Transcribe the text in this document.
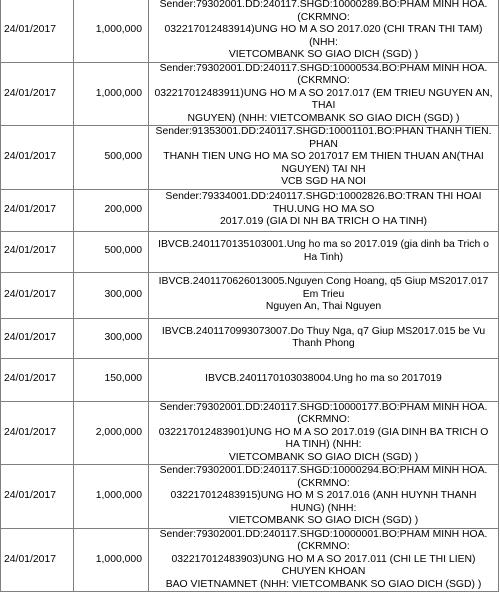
24/01/2017	1,000,000	Sender:79302001.DD:240117.SHGD:10000289.BO:PHAM MINH HOA.(CKRMNO:
032217012483914)UNG HO M A SO 2017.020 (CHI TRAN THI TAM) (NHH:
VIETCOMBANK SO GIAO DICH (SGD) )
24/01/2017	1,000,000	Sender:79302001.DD:240117.SHGD:10000534.BO:PHAM MINH HOA.(CKRMNO:
032217012483911)UNG HO M A SO 2017.017 (EM TRIEU NGUYEN AN, THAI
NGUYEN) (NHH: VIETCOMBANK SO GIAO DICH (SGD) )
24/01/2017	500,000	Sender:91353001.DD:240117.SHGD:10001101.BO:PHAN THANH TIEN. PHAN
THANH TIEN UNG HO MA SO 2017017 EM THIEN THUAN AN(THAI NGUYEN) TAI NH
VCB SGD HA NOI
24/01/2017	200,000	Sender:79334001.DD:240117.SHGD:10002826.BO:TRAN THI HOAI THU.UNG HO MA SO
2017.019 (GIA DI NH BA TRICH O HA TINH)
24/01/2017	500,000	IBVCB.2401170135103001.Ung ho ma so 2017.019 (gia dinh ba Trich o Ha Tinh)
24/01/2017	300,000	IBVCB.2401170626013005.Nguyen Cong Hoang, q5 Giup MS2017.017 Em Trieu
Nguyen An, Thai Nguyen
24/01/2017	300,000	IBVCB.2401170993073007.Do Thuy Nga, q7 Giup MS2017.015 be Vu Thanh Phong
24/01/2017	150,000	IBVCB.2401170103038004.Ung ho ma so 2017019
24/01/2017	2,000,000	Sender:79302001.DD:240117.SHGD:10000177.BO:PHAM MINH HOA.(CKRMNO:
032217012483901)UNG HO M A SO 2017.019 (GIA DINH BA TRICH O HA TINH) (NHH:
VIETCOMBANK SO GIAO DICH (SGD) )
24/01/2017	1,000,000	Sender:79302001.DD:240117.SHGD:10000294.BO:PHAM MINH HOA.(CKRMNO:
032217012483915)UNG HO M S 2017.016 (ANH HUYNH THANH HUNG) (NHH:
VIETCOMBANK SO GIAO DICH (SGD) )
24/01/2017	1,000,000	Sender:79302001.DD:240117.SHGD:10000001.BO:PHAM MINH HOA.(CKRMNO:
032217012483903)UNG HO M A SO 2017.011 (CHI LE THI LIEN) CHUYEN KHOAN
BAO VIETNAMNET (NHH: VIETCOMBANK SO GIAO DICH (SGD) )
